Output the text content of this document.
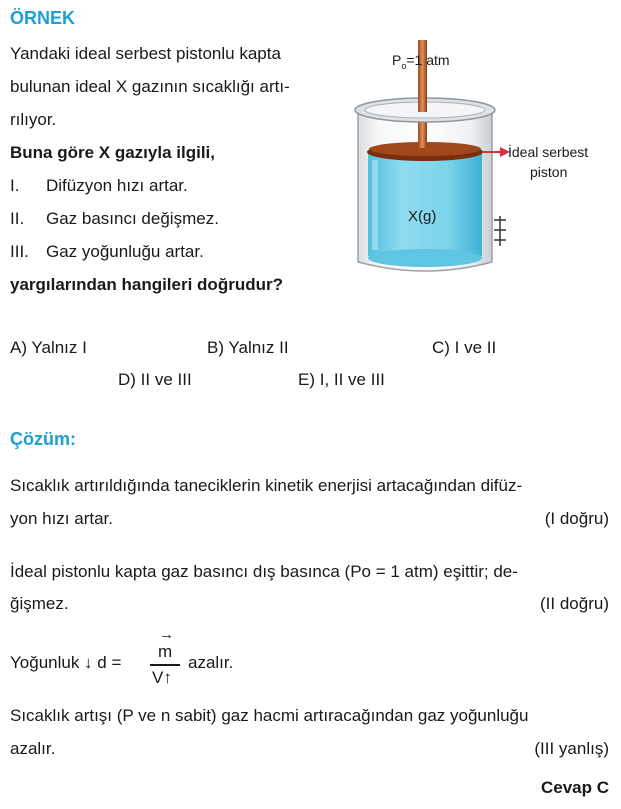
ÖRNEK
Yandaki ideal serbest pistonlu kapta
bulunan ideal X gazının sıcaklığı artı-
rılıyor.
Buna göre X gazıyla ilgili,
I. Difüzyon hızı artar.
II. Gaz basıncı değişmez.
III. Gaz yoğunluğu artar.
yargılarından hangileri doğrudur?
$P_o=1$ atm
X(g)
İdeal serbest
piston
A) Yalnız I	B) Yalnız II	C) I ve II
D) II ve III	E) I, II ve III
Çözüm:
Sıcaklık artırıldığında taneciklerin kinetik enerjisi artacağından difüz-
yon hızı artar.	(I doğru)
İdeal pistonlu kapta gaz basıncı dış basınca (Po = 1 atm) eşittir; de-
ğişmez.	(II doğru)
Yoğunluk ↓ d =
→
m
V↑
azalır.
Sıcaklık artışı (P ve n sabit) gaz hacmi artıracağından gaz yoğunluğu
azalır.	(III yanlış)
Cevap C
